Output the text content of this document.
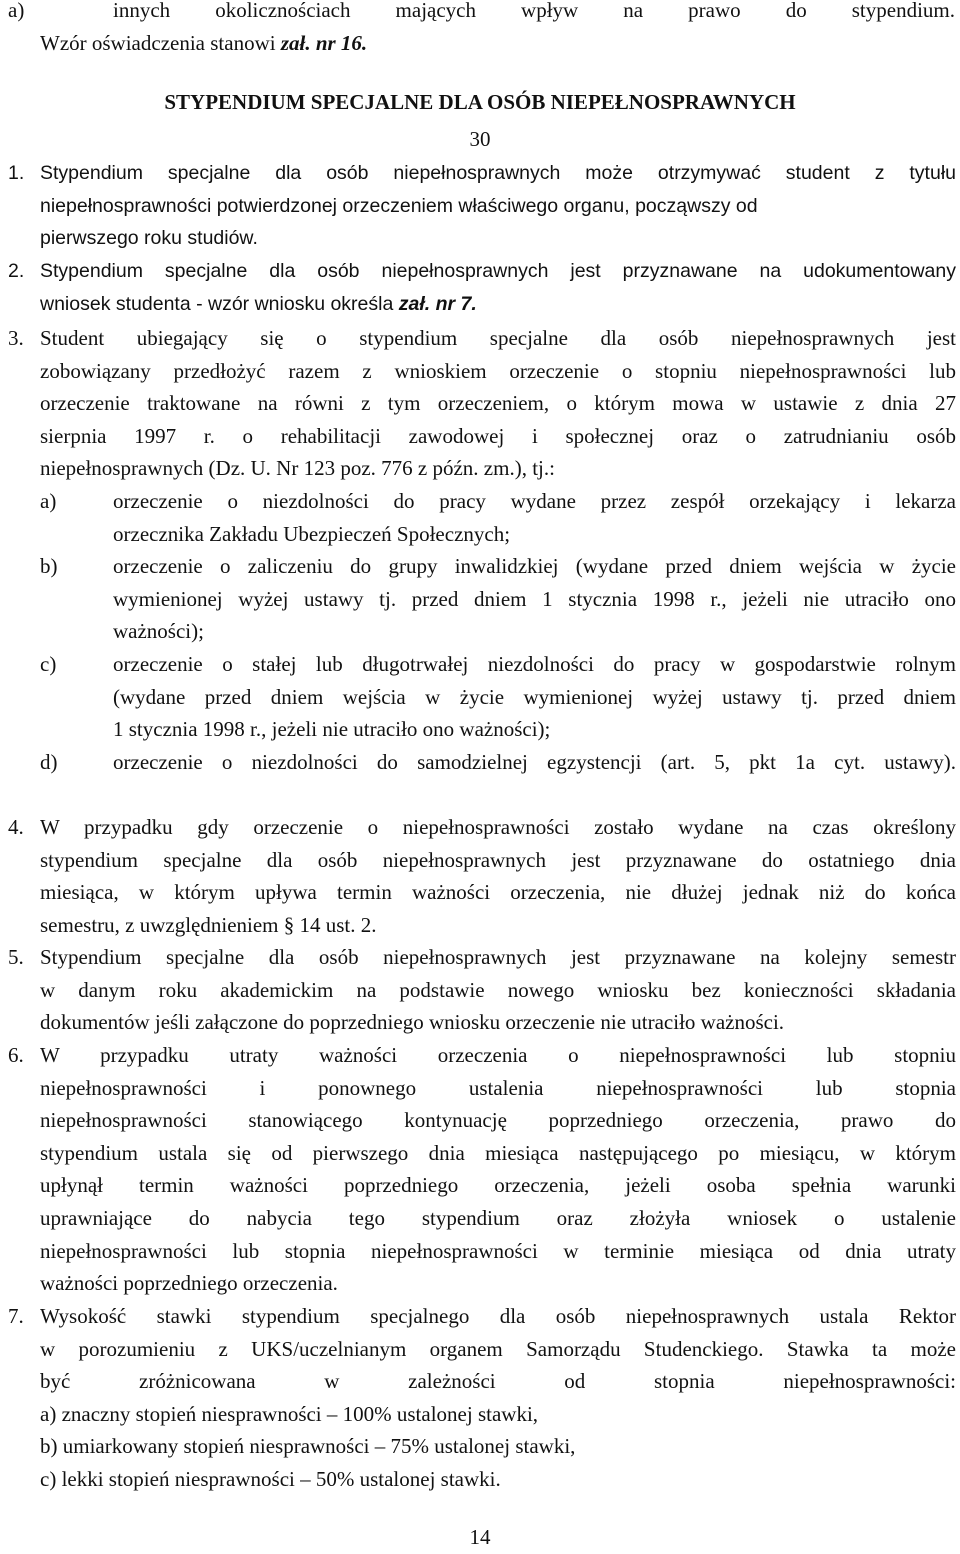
a)	innych okolicznościach mających wpływ na prawo do stypendium.
Wzór oświadczenia stanowi zał. nr 16.
STYPENDIUM SPECJALNE DLA OSÓB NIEPEŁNOSPRAWNYCH
30
1. Stypendium specjalne dla osób niepełnosprawnych może otrzymywać student z tytułu
niepełnosprawności potwierdzonej orzeczeniem właściwego organu, począwszy od
pierwszego roku studiów.
2. Stypendium specjalne dla osób niepełnosprawnych jest przyznawane na udokumentowany
wniosek studenta - wzór wniosku określa zał. nr 7.
3. Student ubiegający się o stypendium specjalne dla osób niepełnosprawnych jest
zobowiązany przedłożyć razem z wnioskiem orzeczenie o stopniu niepełnosprawności lub
orzeczenie traktowane na równi z tym orzeczeniem, o którym mowa w ustawie z dnia 27
sierpnia 1997 r. o rehabilitacji zawodowej i społecznej oraz o zatrudnianiu osób
niepełnosprawnych (Dz. U. Nr 123 poz. 776 z późn. zm.), tj.:
a)	orzeczenie o niezdolności do pracy wydane przez zespół orzekający i lekarza
orzecznika Zakładu Ubezpieczeń Społecznych;
b)	orzeczenie o zaliczeniu do grupy inwalidzkiej (wydane przed dniem wejścia w życie
wymienionej wyżej ustawy tj. przed dniem 1 stycznia 1998 r., jeżeli nie utraciło ono
ważności);
c)	orzeczenie o stałej lub długotrwałej niezdolności do pracy w gospodarstwie rolnym
(wydane przed dniem wejścia w życie wymienionej wyżej ustawy tj. przed dniem
1 stycznia 1998 r., jeżeli nie utraciło ono ważności);
d)	orzeczenie o niezdolności do samodzielnej egzystencji (art. 5, pkt 1a cyt. ustawy).
4. W przypadku gdy orzeczenie o niepełnosprawności zostało wydane na czas określony
stypendium specjalne dla osób niepełnosprawnych jest przyznawane do ostatniego dnia
miesiąca, w którym upływa termin ważności orzeczenia, nie dłużej jednak niż do końca
semestru, z uwzględnieniem § 14 ust. 2.
5. Stypendium specjalne dla osób niepełnosprawnych jest przyznawane na kolejny semestr
w danym roku akademickim na podstawie nowego wniosku bez konieczności składania
dokumentów jeśli załączone do poprzedniego wniosku orzeczenie nie utraciło ważności.
6. W przypadku utraty ważności orzeczenia o niepełnosprawności lub stopniu
niepełnosprawności i ponownego ustalenia niepełnosprawności lub stopnia
niepełnosprawności stanowiącego kontynuację poprzedniego orzeczenia, prawo do
stypendium ustala się od pierwszego dnia miesiąca następującego po miesiącu, w którym
upłynął termin ważności poprzedniego orzeczenia, jeżeli osoba spełnia warunki
uprawniające do nabycia tego stypendium oraz złożyła wniosek o ustalenie
niepełnosprawności lub stopnia niepełnosprawności w terminie miesiąca od dnia utraty
ważności poprzedniego orzeczenia.
7. Wysokość stawki stypendium specjalnego dla osób niepełnosprawnych ustala Rektor
w porozumieniu z UKS/uczelnianym organem Samorządu Studenckiego. Stawka ta może
być zróżnicowana w zależności od stopnia niepełnosprawności:
a) znaczny stopień niesprawności – 100% ustalonej stawki,
b) umiarkowany stopień niesprawności – 75% ustalonej stawki,
c) lekki stopień niesprawności – 50% ustalonej stawki.
14
